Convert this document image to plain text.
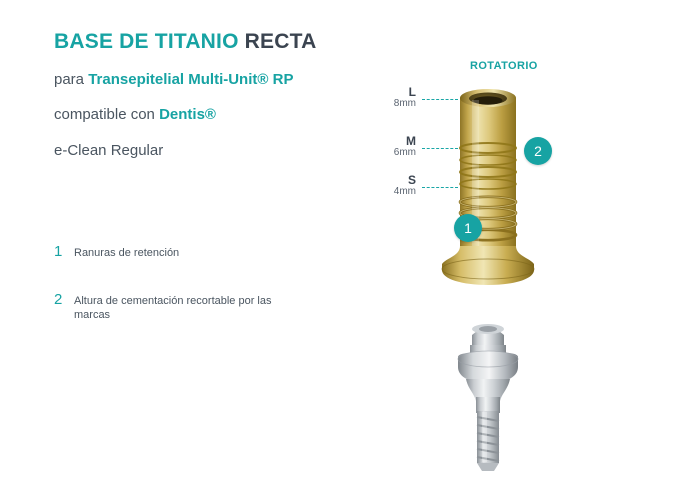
BASE DE TITANIO RECTA
para Transepitelial Multi-Unit® RP
compatible con Dentis®
e-Clean Regular
1	Ranuras de retención
2	Altura de cementación recortable por las marcas
ROTATORIO
L
8mm
M
6mm
S
4mm
2
1
